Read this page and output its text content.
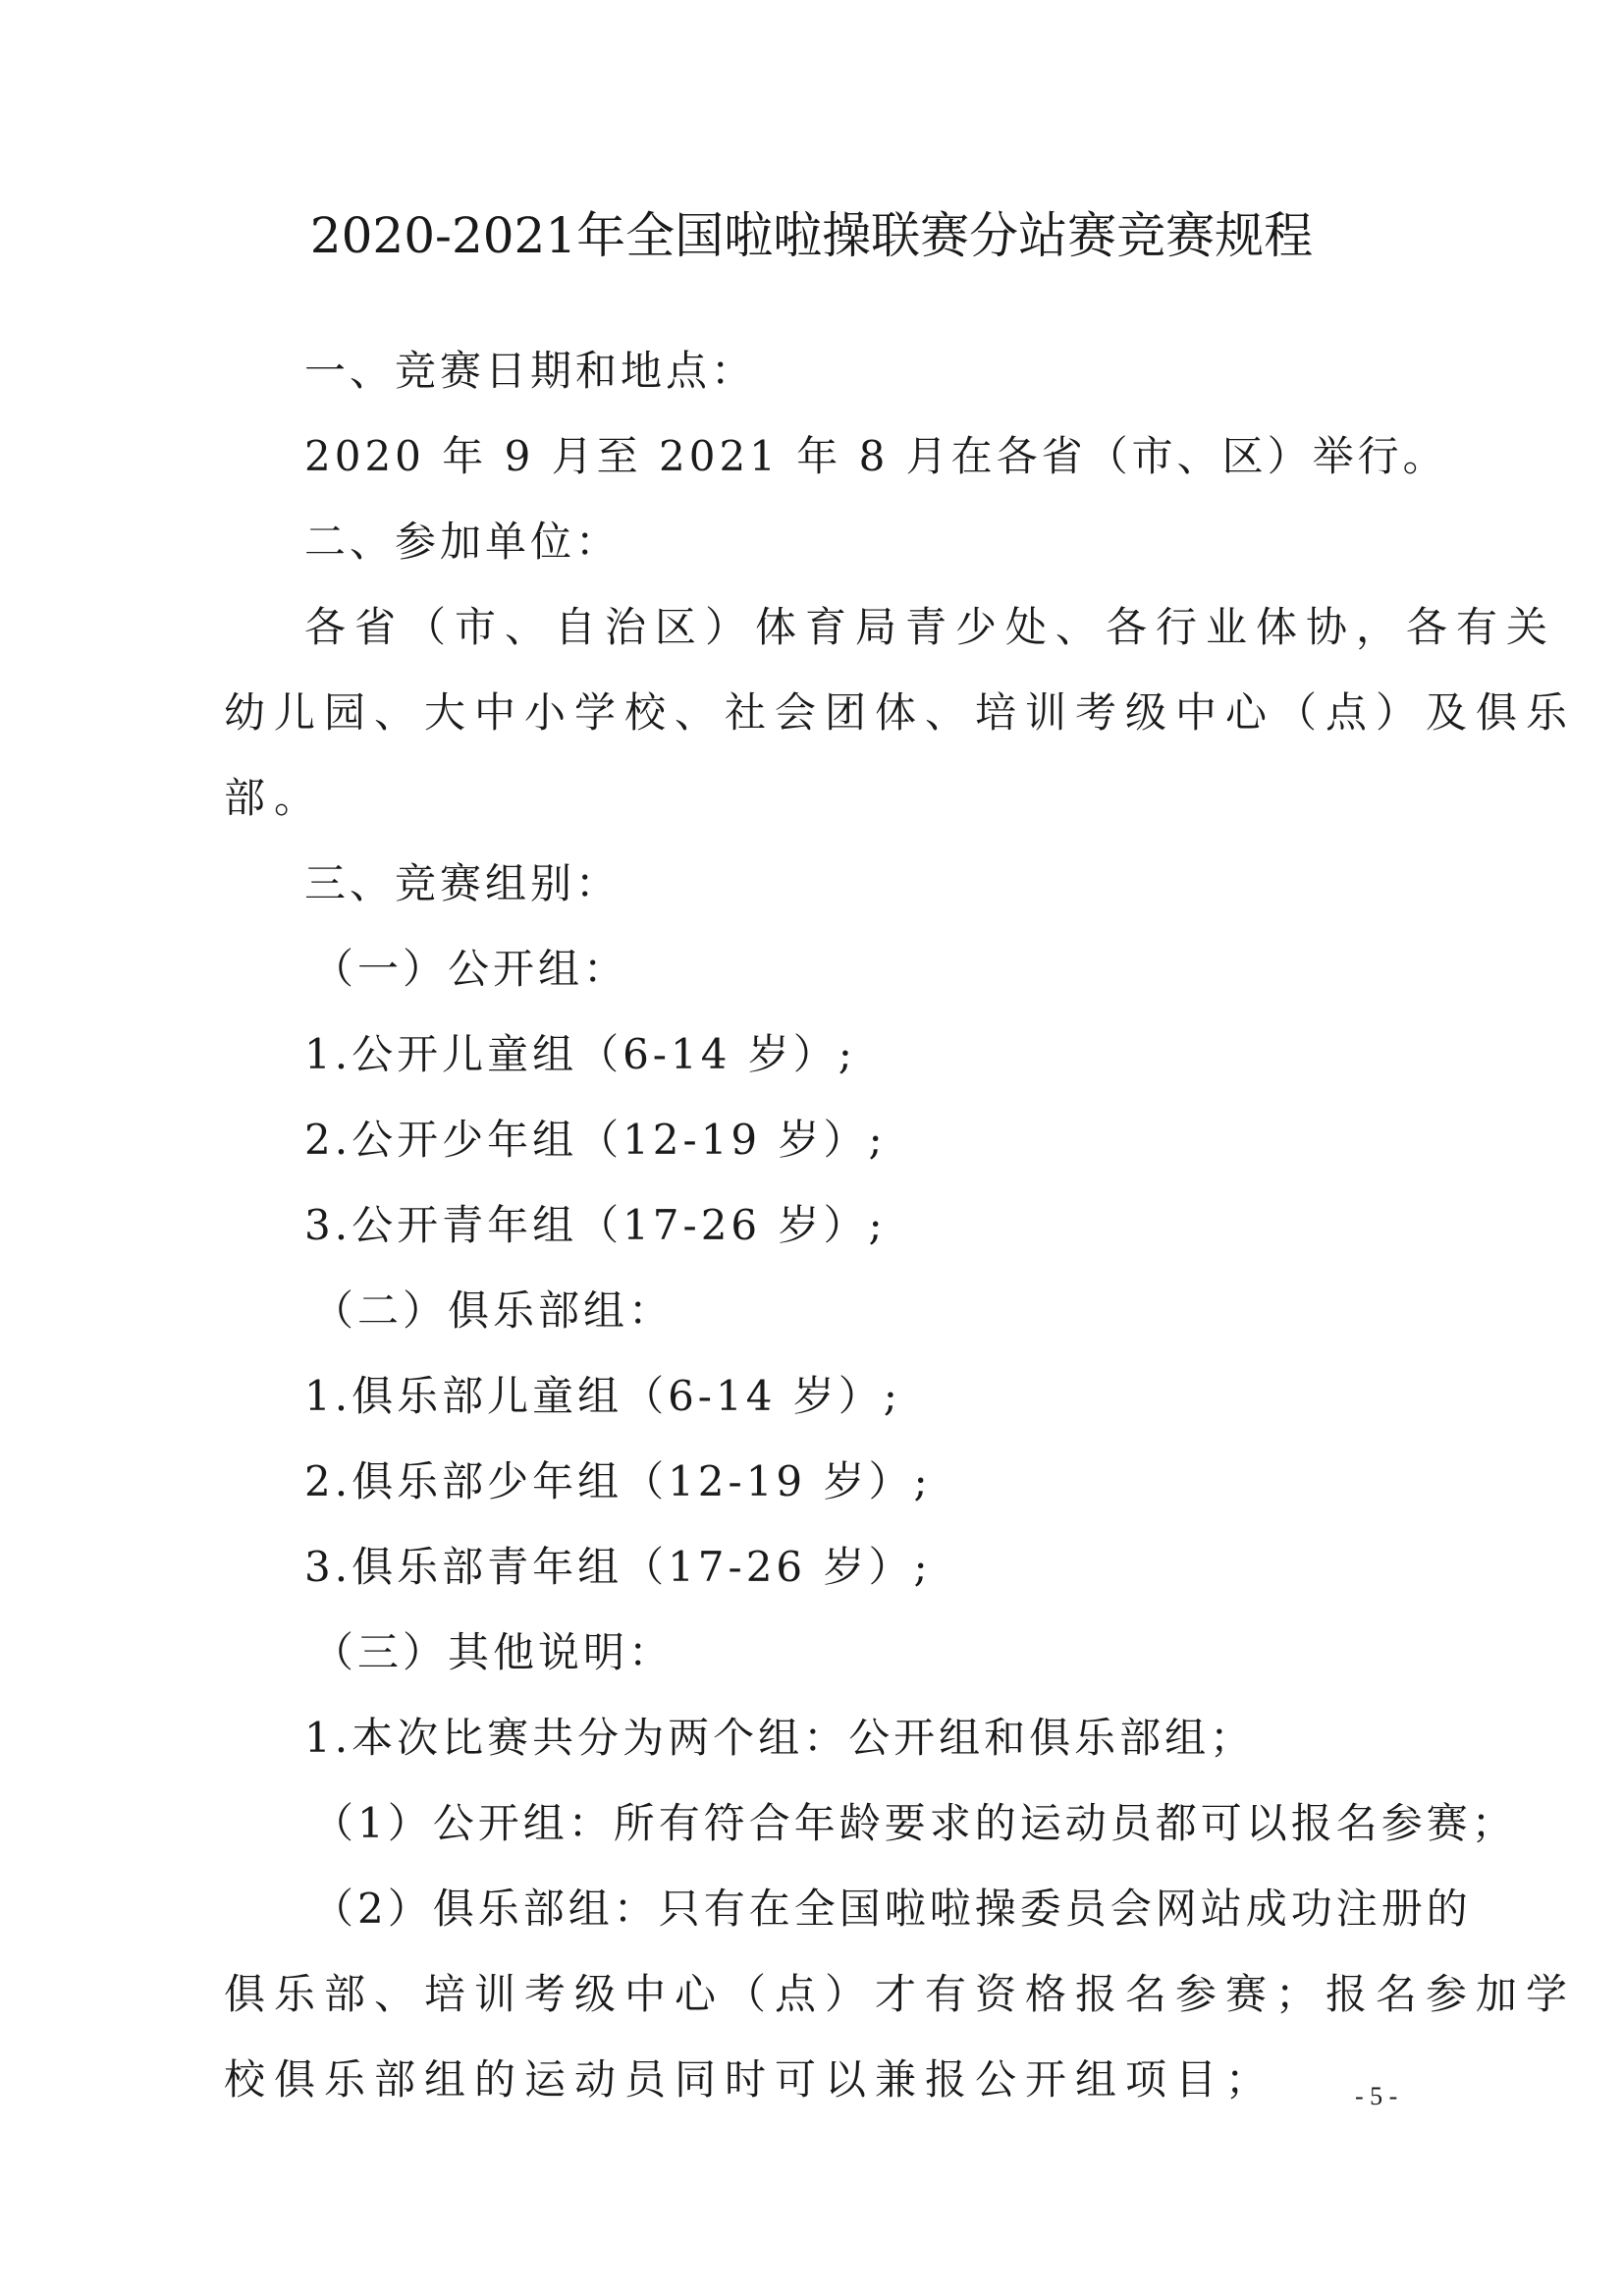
2020-2021年全国啦啦操联赛分站赛竞赛规程
一、竞赛日期和地点：
2020 年 9 月至 2021 年 8 月在各省（市、区）举行。
二、参加单位：
各省（市、自治区）体育局青少处、各行业体协，各有关
幼儿园、大中小学校、社会团体、培训考级中心（点）及俱乐
部。
三、竞赛组别：
（一）公开组：
1.公开儿童组（6-14 岁）;
2.公开少年组（12-19 岁）;
3.公开青年组（17-26 岁）;
（二）俱乐部组：
1.俱乐部儿童组（6-14 岁）;
2.俱乐部少年组（12-19 岁）;
3.俱乐部青年组（17-26 岁）;
（三）其他说明：
1.本次比赛共分为两个组：公开组和俱乐部组；
（1）公开组：所有符合年龄要求的运动员都可以报名参赛；
（2）俱乐部组：只有在全国啦啦操委员会网站成功注册的
俱乐部、培训考级中心（点）才有资格报名参赛；报名参加学
校俱乐部组的运动员同时可以兼报公开组项目；	- 5 -
